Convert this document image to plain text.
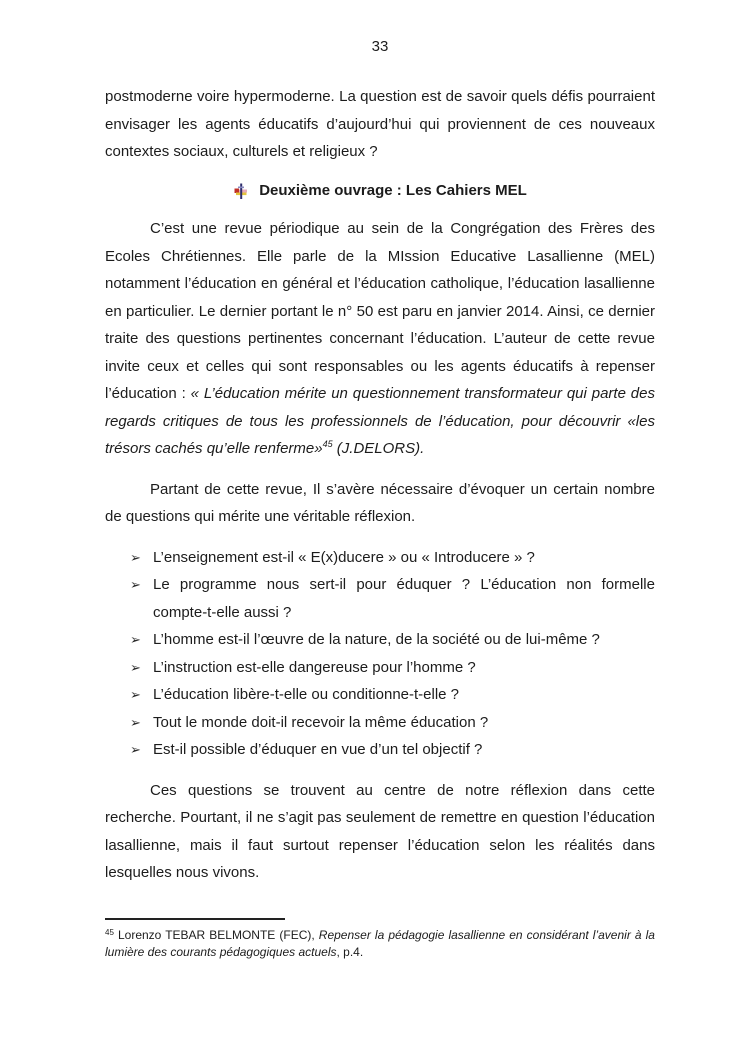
33

postmoderne voire hypermoderne. La question est de savoir quels défis pourraient envisager les agents éducatifs d’aujourd’hui qui proviennent de ces nouveaux contextes sociaux, culturels et religieux ?

Deuxième ouvrage : Les Cahiers MEL

C’est une revue périodique au sein de la Congrégation des Frères des Ecoles Chrétiennes. Elle parle de la MIssion Educative Lasallienne (MEL) notamment l’éducation en général et l’éducation catholique, l’éducation lasallienne en particulier. Le dernier portant le n° 50 est paru en janvier 2014. Ainsi, ce dernier traite des questions pertinentes concernant l’éducation. L’auteur de cette revue invite ceux et celles qui sont responsables ou les agents éducatifs à repenser l’éducation : « L’éducation mérite un questionnement transformateur qui parte des regards critiques de tous les professionnels de l’éducation, pour découvrir «les trésors cachés qu’elle renferme»$^{45}$ (J.DELORS).

Partant de cette revue, Il s’avère nécessaire d’évoquer un certain nombre de questions qui mérite une véritable réflexion.

➢ L’enseignement est-il « E(x)ducere » ou « Introducere » ?
➢ Le programme nous sert-il pour éduquer ? L’éducation non formelle compte-t-elle aussi ?
➢ L’homme est-il l’œuvre de la nature, de la société ou de lui-même ?
➢ L’instruction est-elle dangereuse pour l’homme ?
➢ L’éducation libère-t-elle ou conditionne-t-elle ?
➢ Tout le monde doit-il recevoir la même éducation ?
➢ Est-il possible d’éduquer en vue d’un tel objectif ?

Ces questions se trouvent au centre de notre réflexion dans cette recherche. Pourtant, il ne s’agit pas seulement de remettre en question l’éducation lasallienne, mais il faut surtout repenser l’éducation selon les réalités dans lesquelles nous vivons.

$^{45}$ Lorenzo TEBAR BELMONTE (FEC), Repenser la pédagogie lasallienne en considérant l’avenir à la lumière des courants pédagogiques actuels, p.4.
